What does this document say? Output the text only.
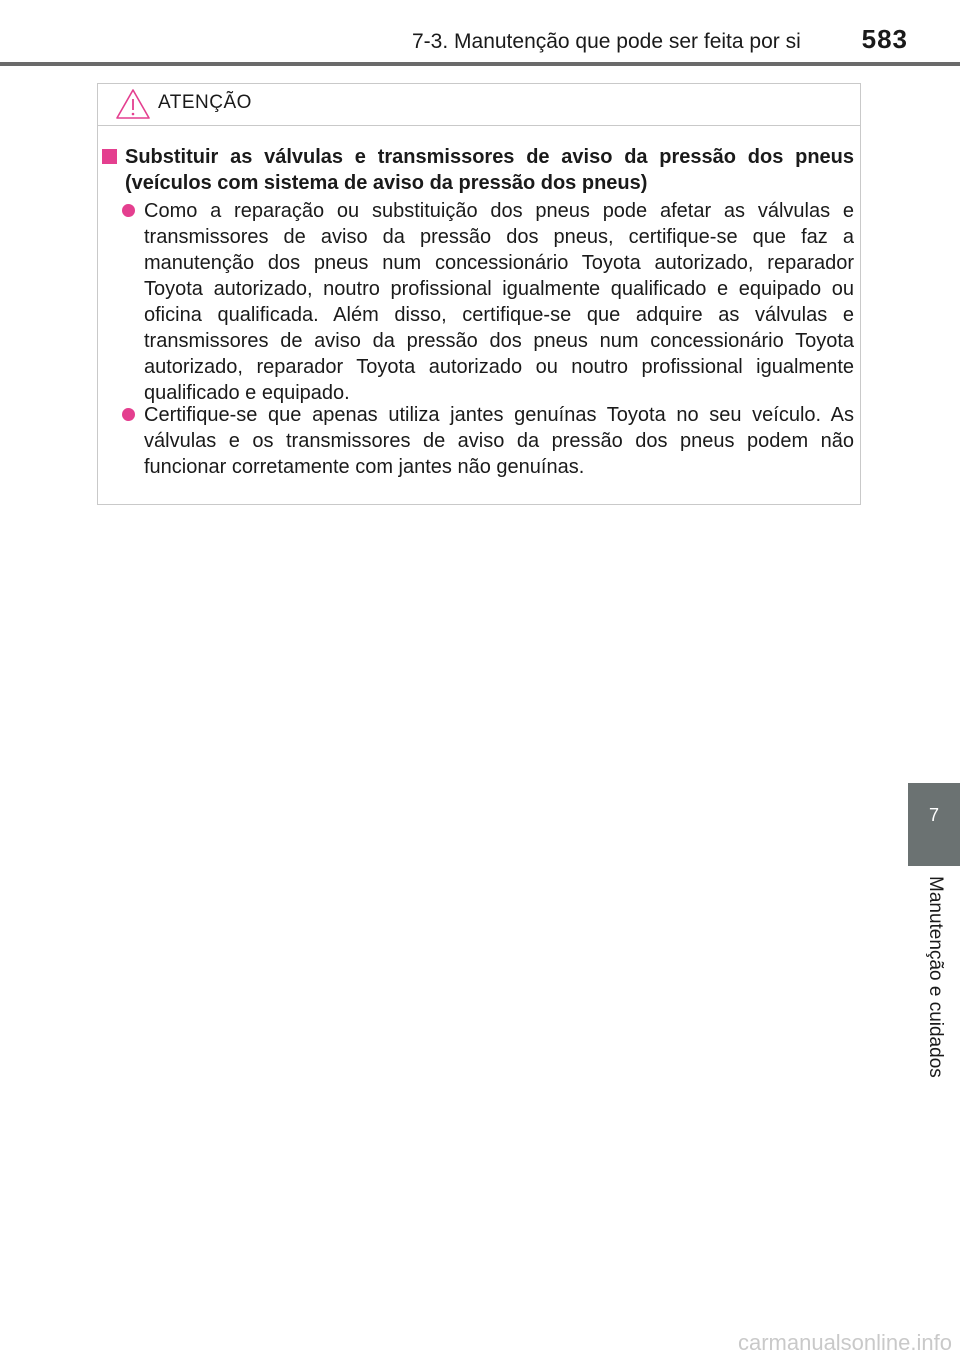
7-3. Manutenção que pode ser feita por si	583
7
Manutenção e cuidados
ATENÇÃO
Substituir as válvulas e transmissores de aviso da pressão dos pneus (veículos com sistema de aviso da pressão dos pneus)
Como a reparação ou substituição dos pneus pode afetar as válvulas e transmissores de aviso da pressão dos pneus, certifique-se que faz a manutenção dos pneus num concessionário Toyota autorizado, reparador Toyota autorizado, noutro profissional igualmente qualificado e equipado ou oficina qualificada. Além disso, certifique-se que adquire as válvulas e transmissores de aviso da pressão dos pneus num concessionário Toyota autorizado, reparador Toyota autorizado ou noutro profissional igualmente qualificado e equipado.
Certifique-se que apenas utiliza jantes genuínas Toyota no seu veículo. As válvulas e os transmissores de aviso da pressão dos pneus podem não funcionar corretamente com jantes não genuínas.
carmanualsonline.info
